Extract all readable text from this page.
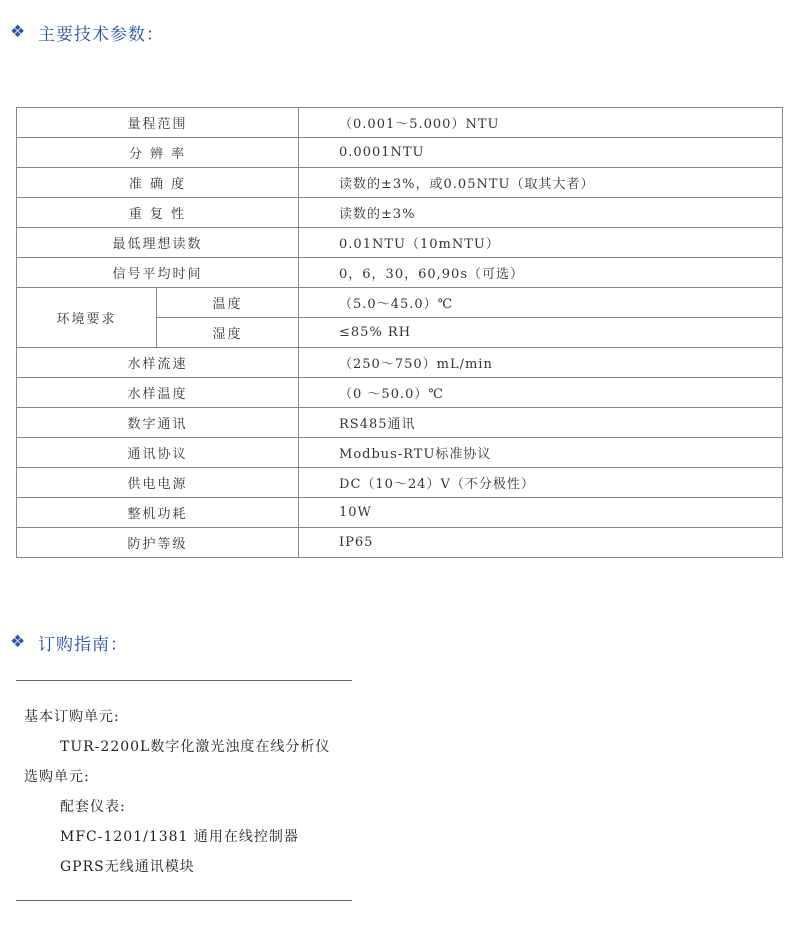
❖ 主要技术参数：
量程范围		（0.001～5.000）NTU
分 辨 率		0.0001NTU
准 确 度		读数的±3%，或0.05NTU（取其大者）
重 复 性		读数的±3%
最低理想读数		0.01NTU（10mNTU）
信号平均时间		0，6，30，60,90s（可选）
环境要求	温度	（5.0～45.0）℃
	湿度	≤85% RH
水样流速		（250～750）mL/min
水样温度		（0 ～50.0）℃
数字通讯		RS485通讯
通讯协议		Modbus-RTU标准协议
供电电源		DC（10～24）V（不分极性）
整机功耗		10W
防护等级		IP65
❖ 订购指南：
基本订购单元:
TUR-2200L数字化激光浊度在线分析仪
选购单元:
配套仪表:
MFC-1201/1381 通用在线控制器
GPRS无线通讯模块
